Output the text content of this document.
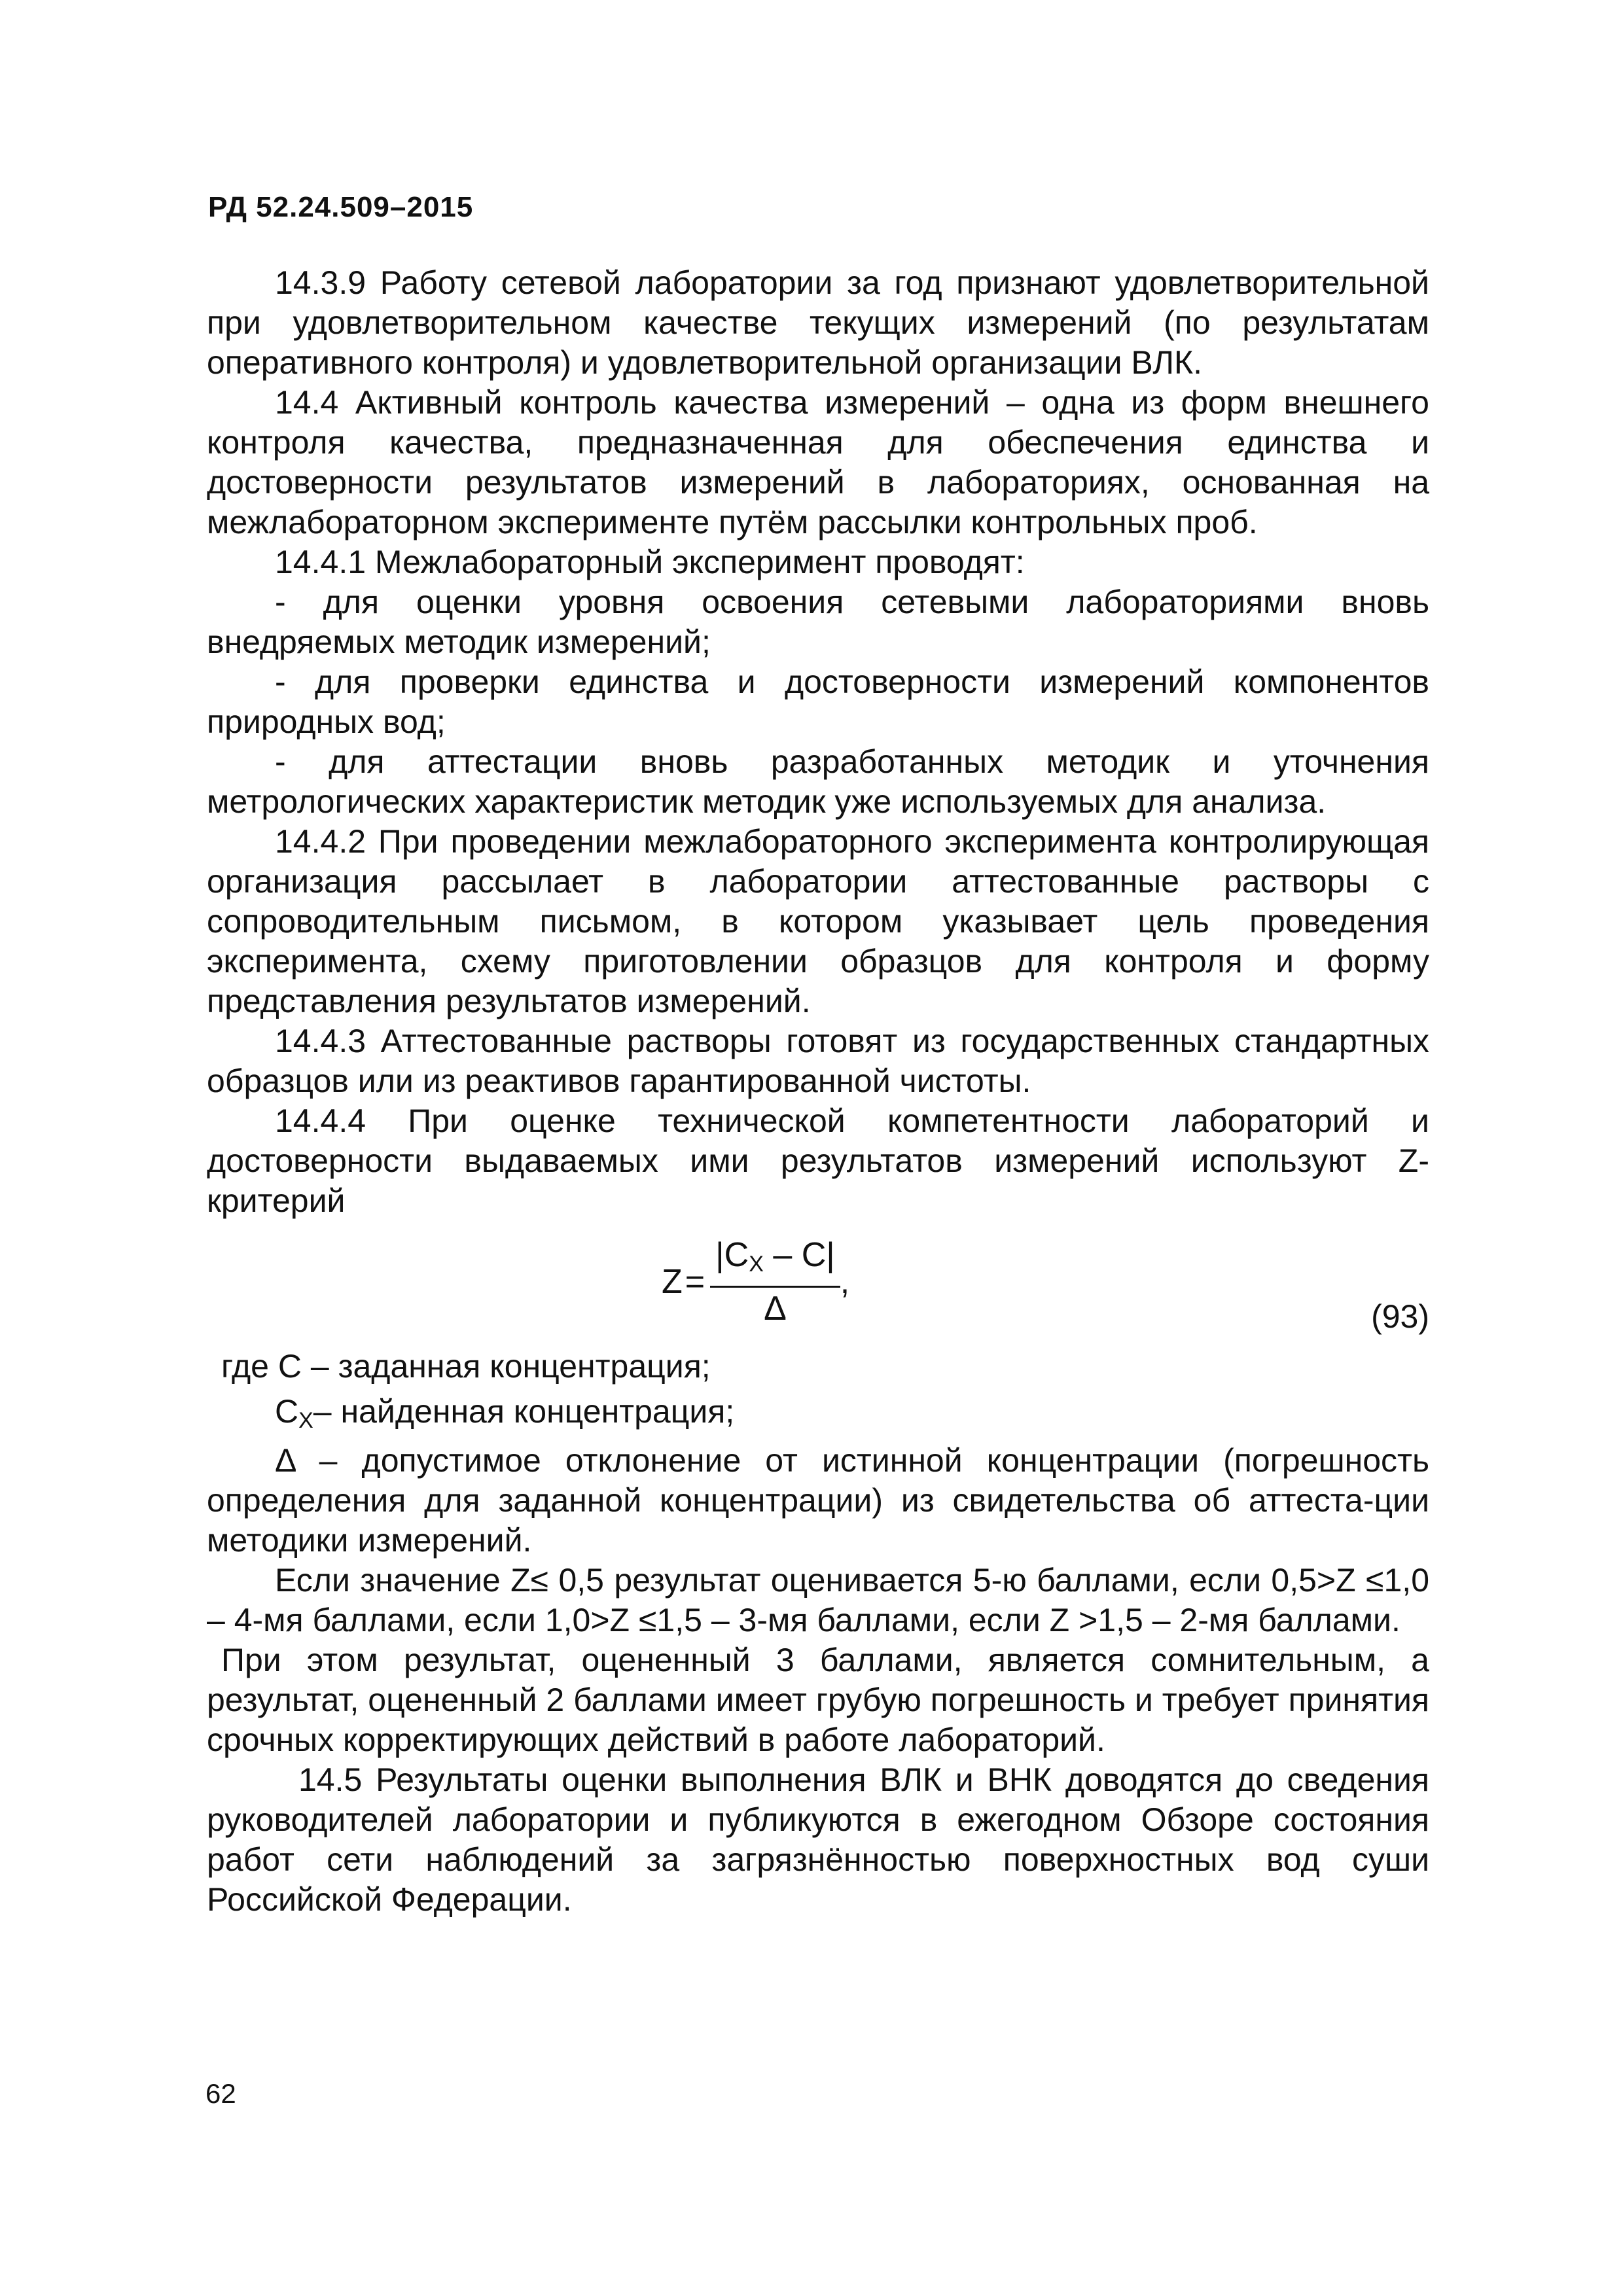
РД 52.24.509–2015

14.3.9 Работу сетевой лаборатории за год признают удовлетворительной при удовлетворительном качестве текущих измерений (по результатам оперативного контроля) и удовлетворительной организации ВЛК.

14.4 Активный контроль качества измерений – одна из форм внешнего контроля качества, предназначенная для обеспечения единства и достоверности результатов измерений в лабораториях, основанная на межлабораторном эксперименте путём рассылки контрольных проб.

14.4.1 Межлабораторный эксперимент проводят:

- для оценки уровня освоения сетевыми лабораториями вновь внедряемых методик измерений;

- для проверки единства и достоверности измерений компонентов природных вод;

- для аттестации вновь разработанных методик и уточнения метрологических характеристик методик уже используемых для анализа.

14.4.2 При проведении межлабораторного эксперимента контролирующая организация рассылает в лаборатории аттестованные растворы с сопроводительным письмом, в котором указывает цель проведения эксперимента, схему приготовлении образцов для контроля и форму представления результатов измерений.

14.4.3 Аттестованные растворы готовят из государственных стандартных образцов или из реактивов гарантированной чистоты.

14.4.4 При оценке технической компетентности лабораторий и достоверности выдаваемых ими результатов измерений используют Z- критерий

$Z = \frac{|C_X - C|}{\Delta}$ ,
(93)

где С – заданная концентрация;

$С_Х-$ найденная концентрация;

Δ – допустимое отклонение от истинной концентрации (погрешность определения для заданной концентрации) из свидетельства об аттеста-ции методики измерений.

Если значение Z≤ 0,5 результат оценивается 5-ю баллами, если 0,5>Z ≤1,0 – 4-мя баллами, если 1,0>Z ≤1,5 – 3-мя баллами, если Z >1,5 – 2-мя баллами.

При этом результат, оцененный 3 баллами, является сомнительным, а результат, оцененный 2 баллами имеет грубую погрешность и требует принятия срочных корректирующих действий в работе лабораторий.

14.5 Результаты оценки выполнения ВЛК и ВНК доводятся до сведения руководителей лаборатории и публикуются в ежегодном Обзоре состояния работ сети наблюдений за загрязнённостью поверхностных вод суши Российской Федерации.

62
